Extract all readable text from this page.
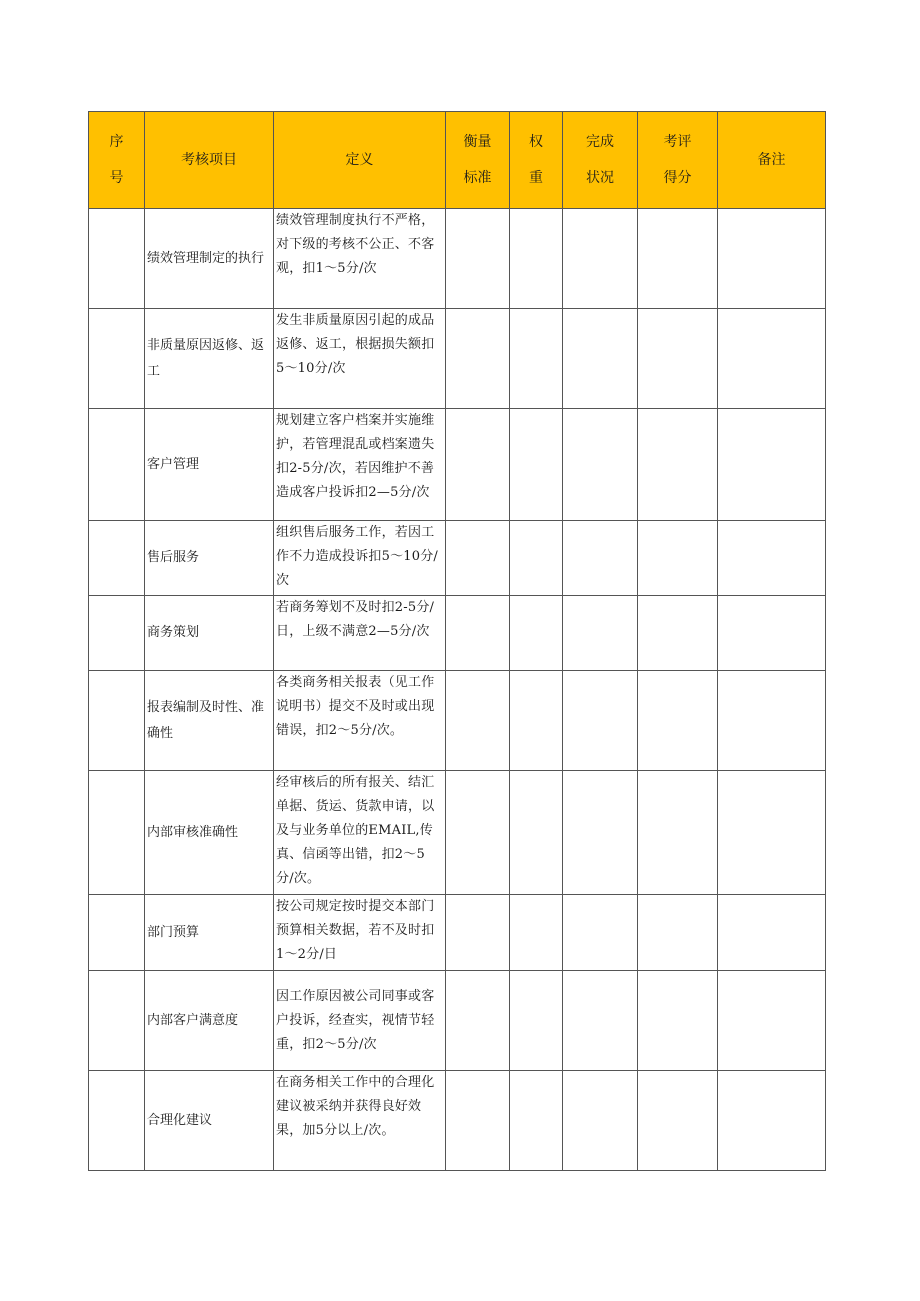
序号	考核项目	定义	衡量标准	权重	完成状况	考评得分	备注
	绩效管理制定的执行	绩效管理制度执行不严格，对下级的考核不公正、不客观，扣1～5分/次					

	非质量原因返修、返工	发生非质量原因引起的成品返修、返工，根据损失额扣5～10分/次					

	客户管理	规划建立客户档案并实施维护，若管理混乱或档案遗失扣2-5分/次，若因维护不善造成客户投诉扣2—5分/次					

	售后服务	组织售后服务工作，若因工作不力造成投诉扣5～10分/次					

	商务策划	若商务筹划不及时扣2-5分/日，上级不满意2—5分/次					

	报表编制及时性、准确性	各类商务相关报表（见工作说明书）提交不及时或出现错误，扣2～5分/次。					

	内部审核准确性	经审核后的所有报关、结汇单据、货运、货款申请，以及与业务单位的EMAIL,传真、信函等出错，扣2～5分/次。					

	部门预算	按公司规定按时提交本部门预算相关数据，若不及时扣1～2分/日					

	内部客户满意度	因工作原因被公司同事或客户投诉，经查实，视情节轻重，扣2～5分/次					

	合理化建议	在商务相关工作中的合理化建议被采纳并获得良好效果，加5分以上/次。					
